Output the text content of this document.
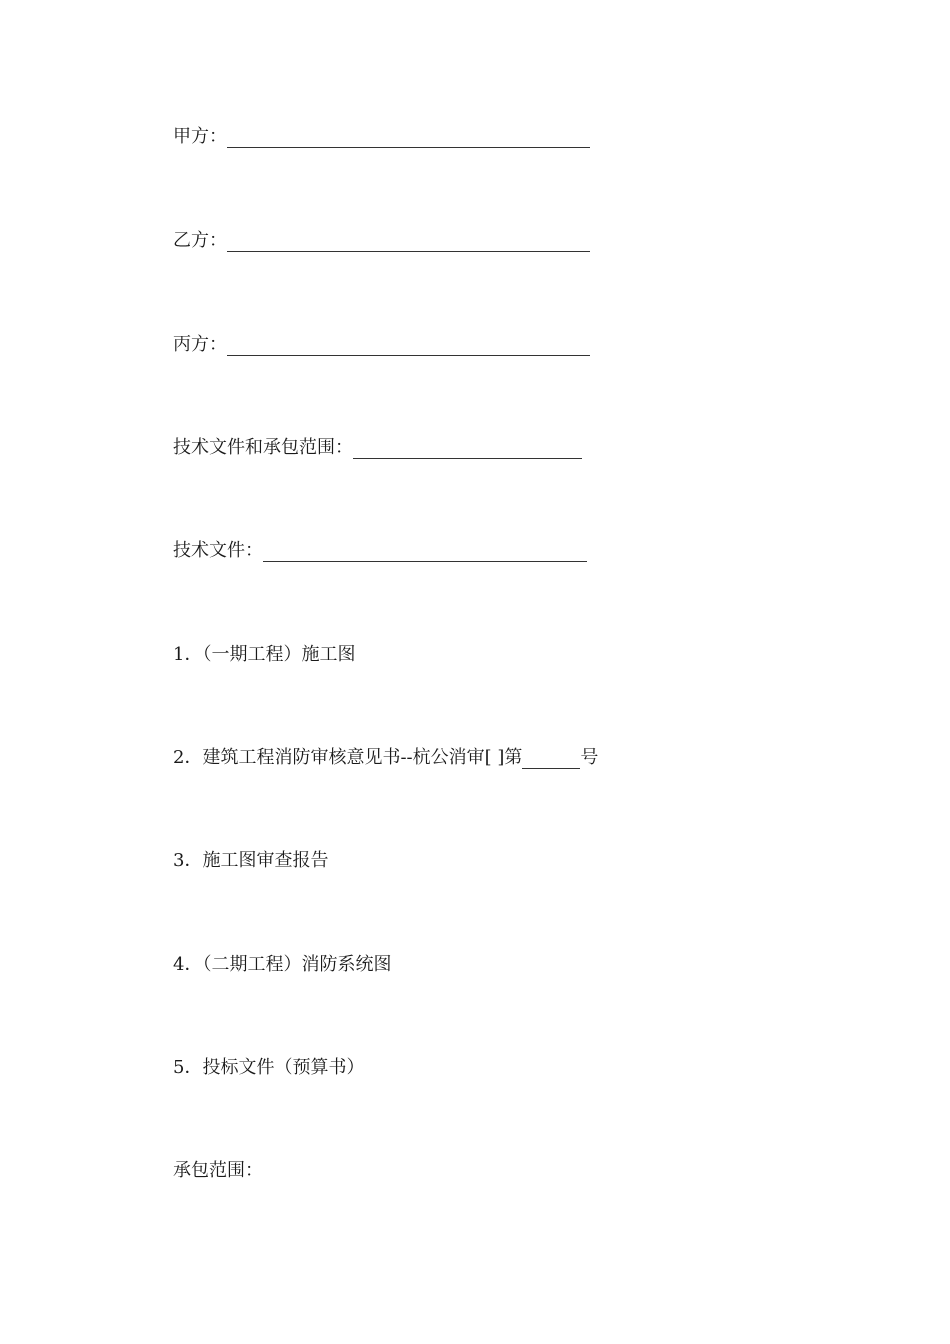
甲方：
乙方：
丙方：
技术文件和承包范围：
技术文件：
1．（一期工程）施工图
2．建筑工程消防审核意见书--杭公消审[ ]第	号
3．施工图审查报告
4．（二期工程）消防系统图
5．投标文件（预算书）
承包范围：
